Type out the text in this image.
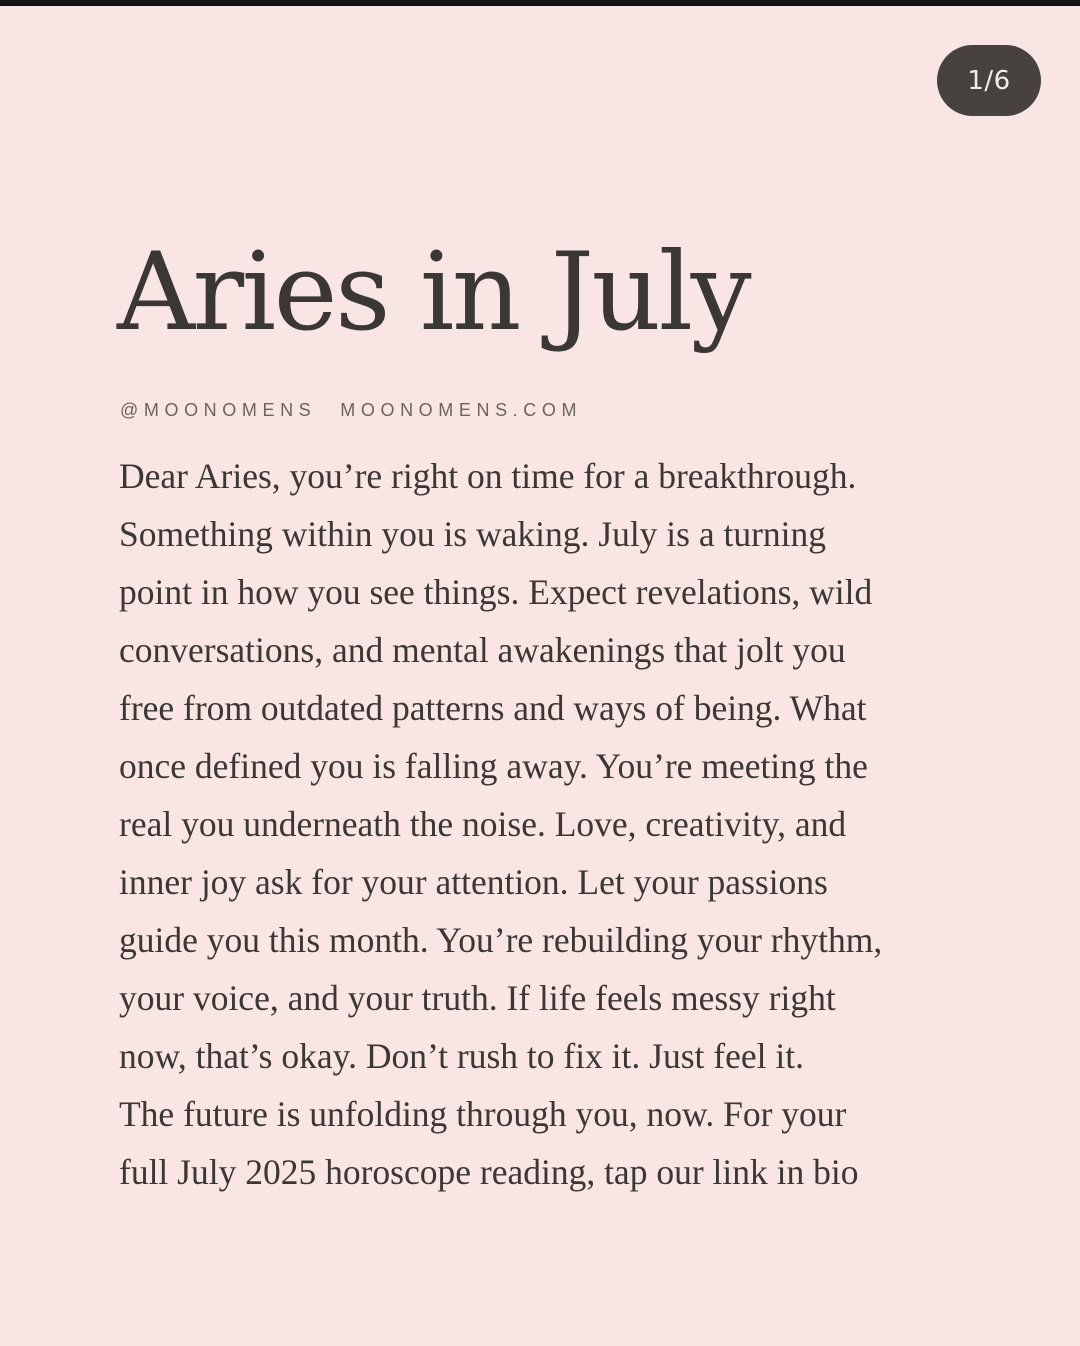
1/6
Aries in July
@MOONOMENS MOONOMENS.COM
Dear Aries, you’re right on time for a breakthrough.
Something within you is waking. July is a turning
point in how you see things. Expect revelations, wild
conversations, and mental awakenings that jolt you
free from outdated patterns and ways of being. What
once defined you is falling away. You’re meeting the
real you underneath the noise. Love, creativity, and
inner joy ask for your attention. Let your passions
guide you this month. You’re rebuilding your rhythm,
your voice, and your truth. If life feels messy right
now, that’s okay. Don’t rush to fix it. Just feel it.
The future is unfolding through you, now. For your
full July 2025 horoscope reading, tap our link in bio
